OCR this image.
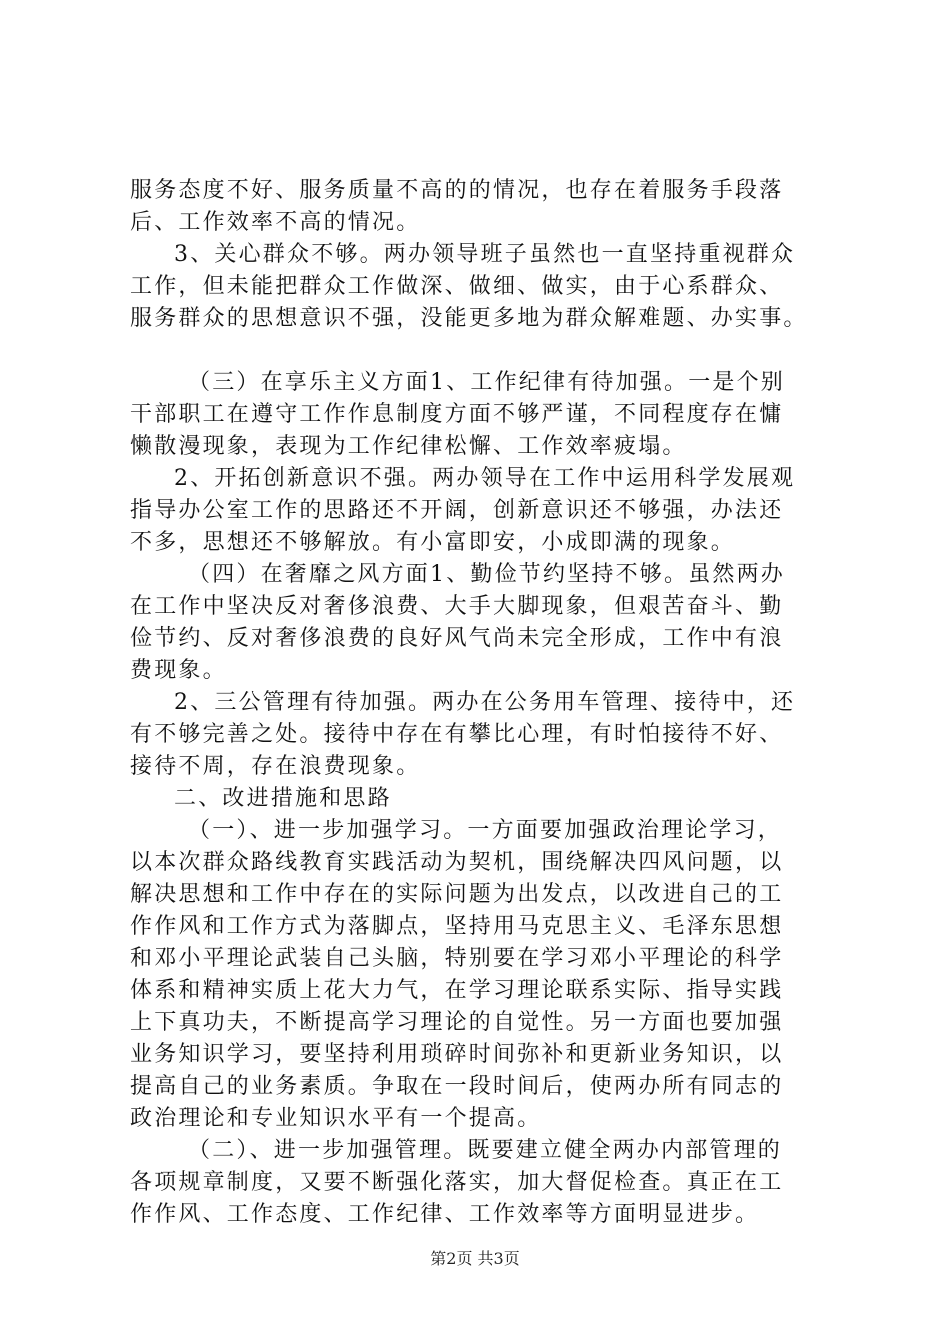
服务态度不好、服务质量不高的的情况，也存在着服务手段落
后、工作效率不高的情况。
3、关心群众不够。两办领导班子虽然也一直坚持重视群众
工作，但未能把群众工作做深、做细、做实，由于心系群众、
服务群众的思想意识不强，没能更多地为群众解难题、办实事。
（三）在享乐主义方面1、工作纪律有待加强。一是个别
干部职工在遵守工作作息制度方面不够严谨，不同程度存在慵
懒散漫现象，表现为工作纪律松懈、工作效率疲塌。
2、开拓创新意识不强。两办领导在工作中运用科学发展观
指导办公室工作的思路还不开阔，创新意识还不够强，办法还
不多，思想还不够解放。有小富即安，小成即满的现象。
（四）在奢靡之风方面1、勤俭节约坚持不够。虽然两办
在工作中坚决反对奢侈浪费、大手大脚现象，但艰苦奋斗、勤
俭节约、反对奢侈浪费的良好风气尚未完全形成，工作中有浪
费现象。
2、三公管理有待加强。两办在公务用车管理、接待中，还
有不够完善之处。接待中存在有攀比心理，有时怕接待不好、
接待不周，存在浪费现象。
二、改进措施和思路
（一）、进一步加强学习。一方面要加强政治理论学习，
以本次群众路线教育实践活动为契机，围绕解决四风问题，以
解决思想和工作中存在的实际问题为出发点，以改进自己的工
作作风和工作方式为落脚点，坚持用马克思主义、毛泽东思想
和邓小平理论武装自己头脑，特别要在学习邓小平理论的科学
体系和精神实质上花大力气，在学习理论联系实际、指导实践
上下真功夫，不断提高学习理论的自觉性。另一方面也要加强
业务知识学习，要坚持利用琐碎时间弥补和更新业务知识，以
提高自己的业务素质。争取在一段时间后，使两办所有同志的
政治理论和专业知识水平有一个提高。
（二）、进一步加强管理。既要建立健全两办内部管理的
各项规章制度，又要不断强化落实，加大督促检查。真正在工
作作风、工作态度、工作纪律、工作效率等方面明显进步。
第2页 共3页
